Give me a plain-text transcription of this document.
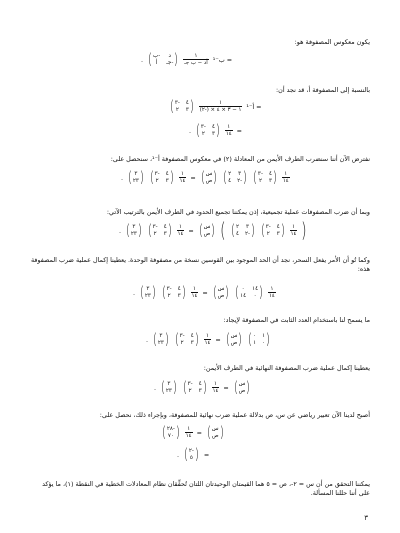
يكون معكوس المصفوفة هو:
. ( ب-	د
أ	جـ- ) $\frac{١}{\text{أد − ب جـ}}$ ب⁻¹ =
بالنسبة إلى المصفوفة أ، قد نجد أن:
( ٣- ٤
٢ ٣ ) $\frac{١}{(٢-) \times ١ - ٣ \times ٤}$ أ⁻¹ =
. ( ٣- ٤
٢ ٣ ) $\frac{١}{١٤}$ =
نفترض الآن أننا سنضرب الطرف الأيمن من المعادلة (٢) في معكوس المصفوفة أ⁻¹، سنحصل على:
. ( ٣
٢٣ ) ( ٣- ٤
٢ ٣ ) $\frac{١}{١٤}$ = ( س
ص ) ( ٢ ٣
٤ ٢- ) ( ٣- ٤
٢ ٣ ) $\frac{١}{١٤}$
وبما أن ضرب المصفوفات عملية تجميعية، إذن يمكننا تجميع الحدود في الطرف الأيمن بالترتيب الآتي:
. ( ٣
٢٣ ) ( ٣- ٤
٢ ٣ ) $\frac{١}{١٤}$ = ( س
ص ) ( ( ٢ ٣
٤ ٢- ) ( ٣- ٤
٢ ٣ ) $\frac{١}{١٤}$ )
وكما تُو أن الأمر يفعل السحر، نجد أن الحد الموجود بين القوسين نسخة من مصفوفة الوحدة. يعطينا إكمال عملية ضرب المصفوفة هذه:
. ( ٣
٢٣ ) ( ٣- ٤
٢ ٣ ) $\frac{١}{١٤}$ = ( س
ص ) ( ٠ ١٤
١٤ ٠ ) $\frac{١}{١٤}$
ما يسمح لنا باستخدام العدد الثابت في المصفوفة لإيجاد:
. ( ٣
٢٣ ) ( ٣- ٤
٢ ٣ ) $\frac{١}{١٤}$ = ( س
ص ) ( ٠ ١
١ ٠ )
يعطينا إكمال عملية ضرب المصفوفة النهائية في الطرف الأيمن:
. ( ٣
٢٣ ) ( ٣- ٤
٢ ٣ ) $\frac{١}{١٤}$ = ( س
ص )
أصبح لدينا الآن تعبير رياضي عن س، ص بدلالة عملية ضرب نهائية للمصفوفة، وبإجراء ذلك، نحصل على:
( ٢٨-
٧٠ ) $\frac{١}{١٤}$ = ( س
ص )
. ( ٢-
٥ ) =
يمكننا التحقق من أن س = ٢-، ص = ٥ هما القيمتان الوحيدتان اللتان تُحقِّقان نظام المعادلات الخطية في النقطة (١)، ما يؤكد على أننا حللنا المسألة.
٣
